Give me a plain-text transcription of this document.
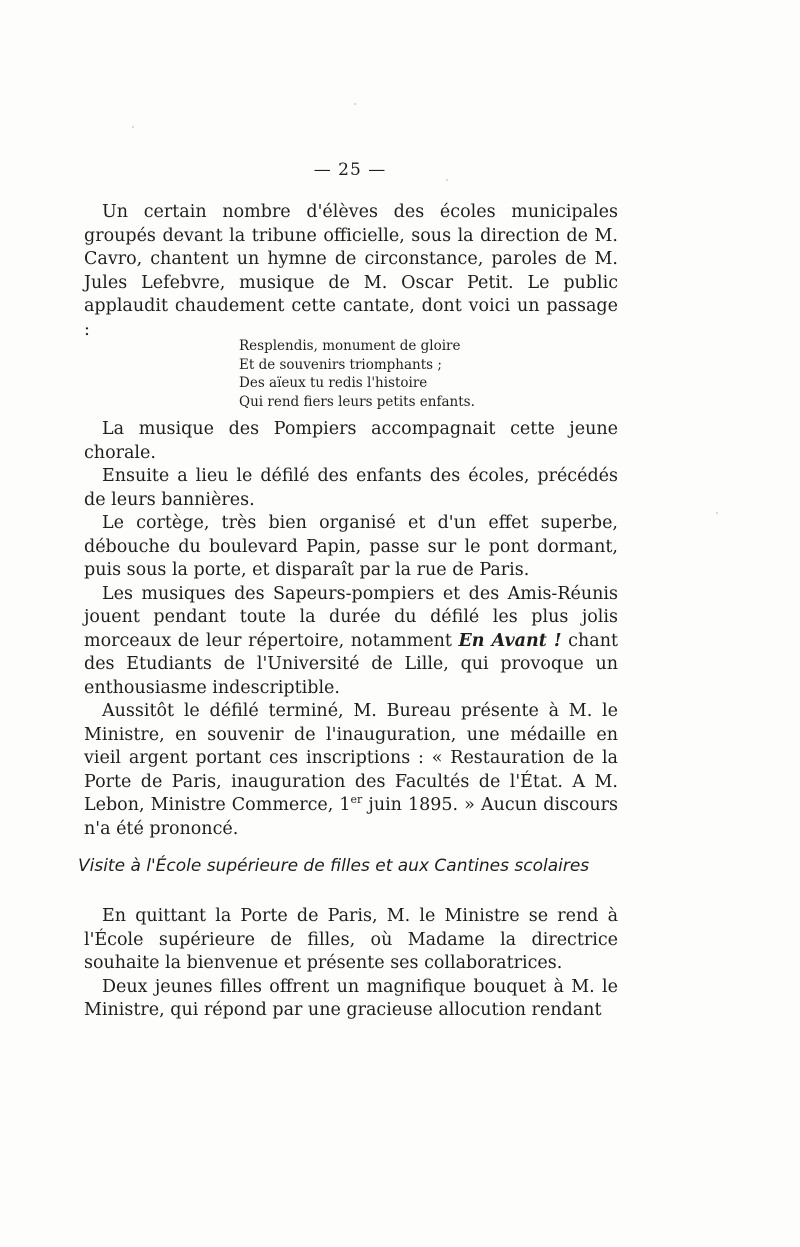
— 25 —

Un certain nombre d'élèves des écoles municipales groupés devant la tribune officielle, sous la direction de M. Cavro, chantent un hymne de circonstance, paroles de M. Jules Lefebvre, musique de M. Oscar Petit. Le public applaudit chaudement cette cantate, dont voici un passage :

Resplendis, monument de gloire
Et de souvenirs triomphants ;
Des aïeux tu redis l'histoire
Qui rend fiers leurs petits enfants.

La musique des Pompiers accompagnait cette jeune chorale.

Ensuite a lieu le défilé des enfants des écoles, précédés de leurs bannières.

Le cortège, très bien organisé et d'un effet superbe, débouche du boulevard Papin, passe sur le pont dormant, puis sous la porte, et disparaît par la rue de Paris.

Les musiques des Sapeurs-pompiers et des Amis-Réunis jouent pendant toute la durée du défilé les plus jolis morceaux de leur répertoire, notamment En Avant ! chant des Etudiants de l'Université de Lille, qui provoque un enthousiasme indescriptible.

Aussitôt le défilé terminé, M. Bureau présente à M. le Ministre, en souvenir de l'inauguration, une médaille en vieil argent portant ces inscriptions : « Restauration de la Porte de Paris, inauguration des Facultés de l'État. A M. Lebon, Ministre Commerce, 1er juin 1895. » Aucun discours n'a été prononcé.

Visite à l'École supérieure de filles et aux Cantines scolaires

En quittant la Porte de Paris, M. le Ministre se rend à l'École supérieure de filles, où Madame la directrice souhaite la bienvenue et présente ses collaboratrices.

Deux jeunes filles offrent un magnifique bouquet à M. le Ministre, qui répond par une gracieuse allocution rendant
